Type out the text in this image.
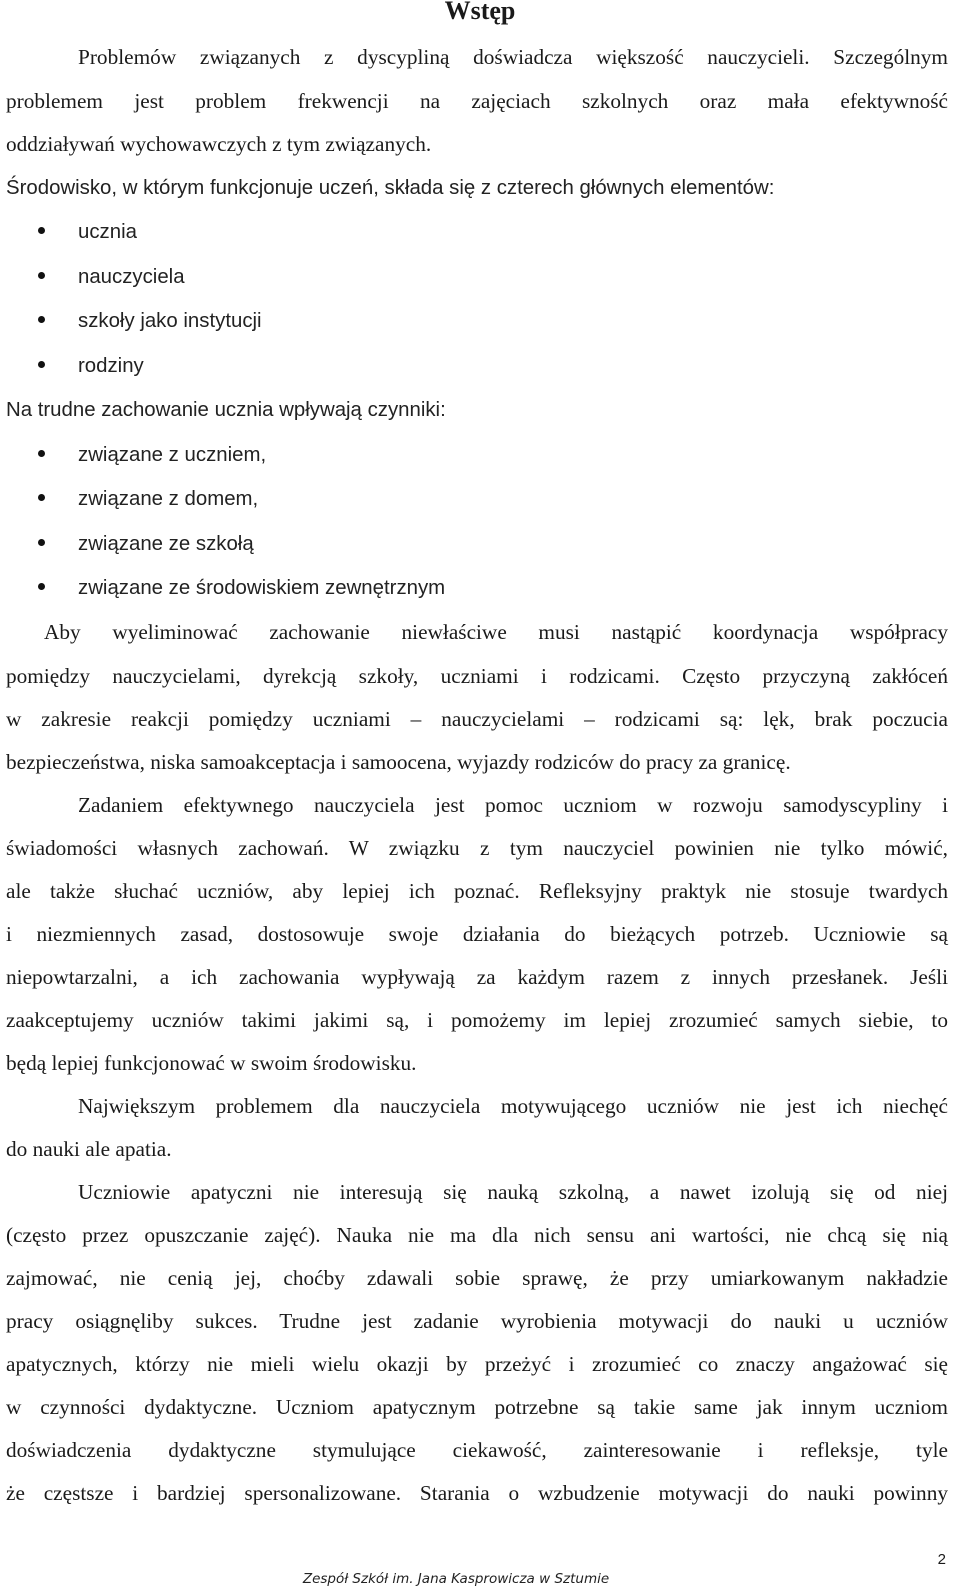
Wstęp
Problemów związanych z dyscypliną doświadcza większość nauczycieli. Szczególnym
problemem jest problem frekwencji na zajęciach szkolnych oraz mała efektywność
oddziaływań wychowawczych z tym związanych.
Środowisko, w którym funkcjonuje uczeń, składa się z czterech głównych elementów:
ucznia
nauczyciela
szkoły jako instytucji
rodziny
Na trudne zachowanie ucznia wpływają czynniki:
związane z uczniem,
związane z domem,
związane ze szkołą
związane ze środowiskiem zewnętrznym
Aby wyeliminować zachowanie niewłaściwe musi nastąpić koordynacja współpracy
pomiędzy nauczycielami, dyrekcją szkoły, uczniami i rodzicami. Często przyczyną zakłóceń
w zakresie reakcji pomiędzy uczniami – nauczycielami – rodzicami są: lęk, brak poczucia
bezpieczeństwa, niska samoakceptacja i samoocena, wyjazdy rodziców do pracy za granicę.
Zadaniem efektywnego nauczyciela jest pomoc uczniom w rozwoju samodyscypliny i
świadomości własnych zachowań. W związku z tym nauczyciel powinien nie tylko mówić,
ale także słuchać uczniów, aby lepiej ich poznać. Refleksyjny praktyk nie stosuje twardych
i niezmiennych zasad, dostosowuje swoje działania do bieżących potrzeb. Uczniowie są
niepowtarzalni, a ich zachowania wypływają za każdym razem z innych przesłanek. Jeśli
zaakceptujemy uczniów takimi jakimi są, i pomożemy im lepiej zrozumieć samych siebie, to
będą lepiej funkcjonować w swoim środowisku.
Największym problemem dla nauczyciela motywującego uczniów nie jest ich niechęć
do nauki ale apatia.
Uczniowie apatyczni nie interesują się nauką szkolną, a nawet izolują się od niej
(często przez opuszczanie zajęć). Nauka nie ma dla nich sensu ani wartości, nie chcą się nią
zajmować, nie cenią jej, choćby zdawali sobie sprawę, że przy umiarkowanym nakładzie
pracy osiągnęliby sukces. Trudne jest zadanie wyrobienia motywacji do nauki u uczniów
apatycznych, którzy nie mieli wielu okazji by przeżyć i zrozumieć co znaczy angażować się
w czynności dydaktyczne. Uczniom apatycznym potrzebne są takie same jak innym uczniom
doświadczenia dydaktyczne stymulujące ciekawość, zainteresowanie i refleksje, tyle
że częstsze i bardziej spersonalizowane. Starania o wzbudzenie motywacji do nauki powinny
2
Zespół Szkół im. Jana Kasprowicza w Sztumie
